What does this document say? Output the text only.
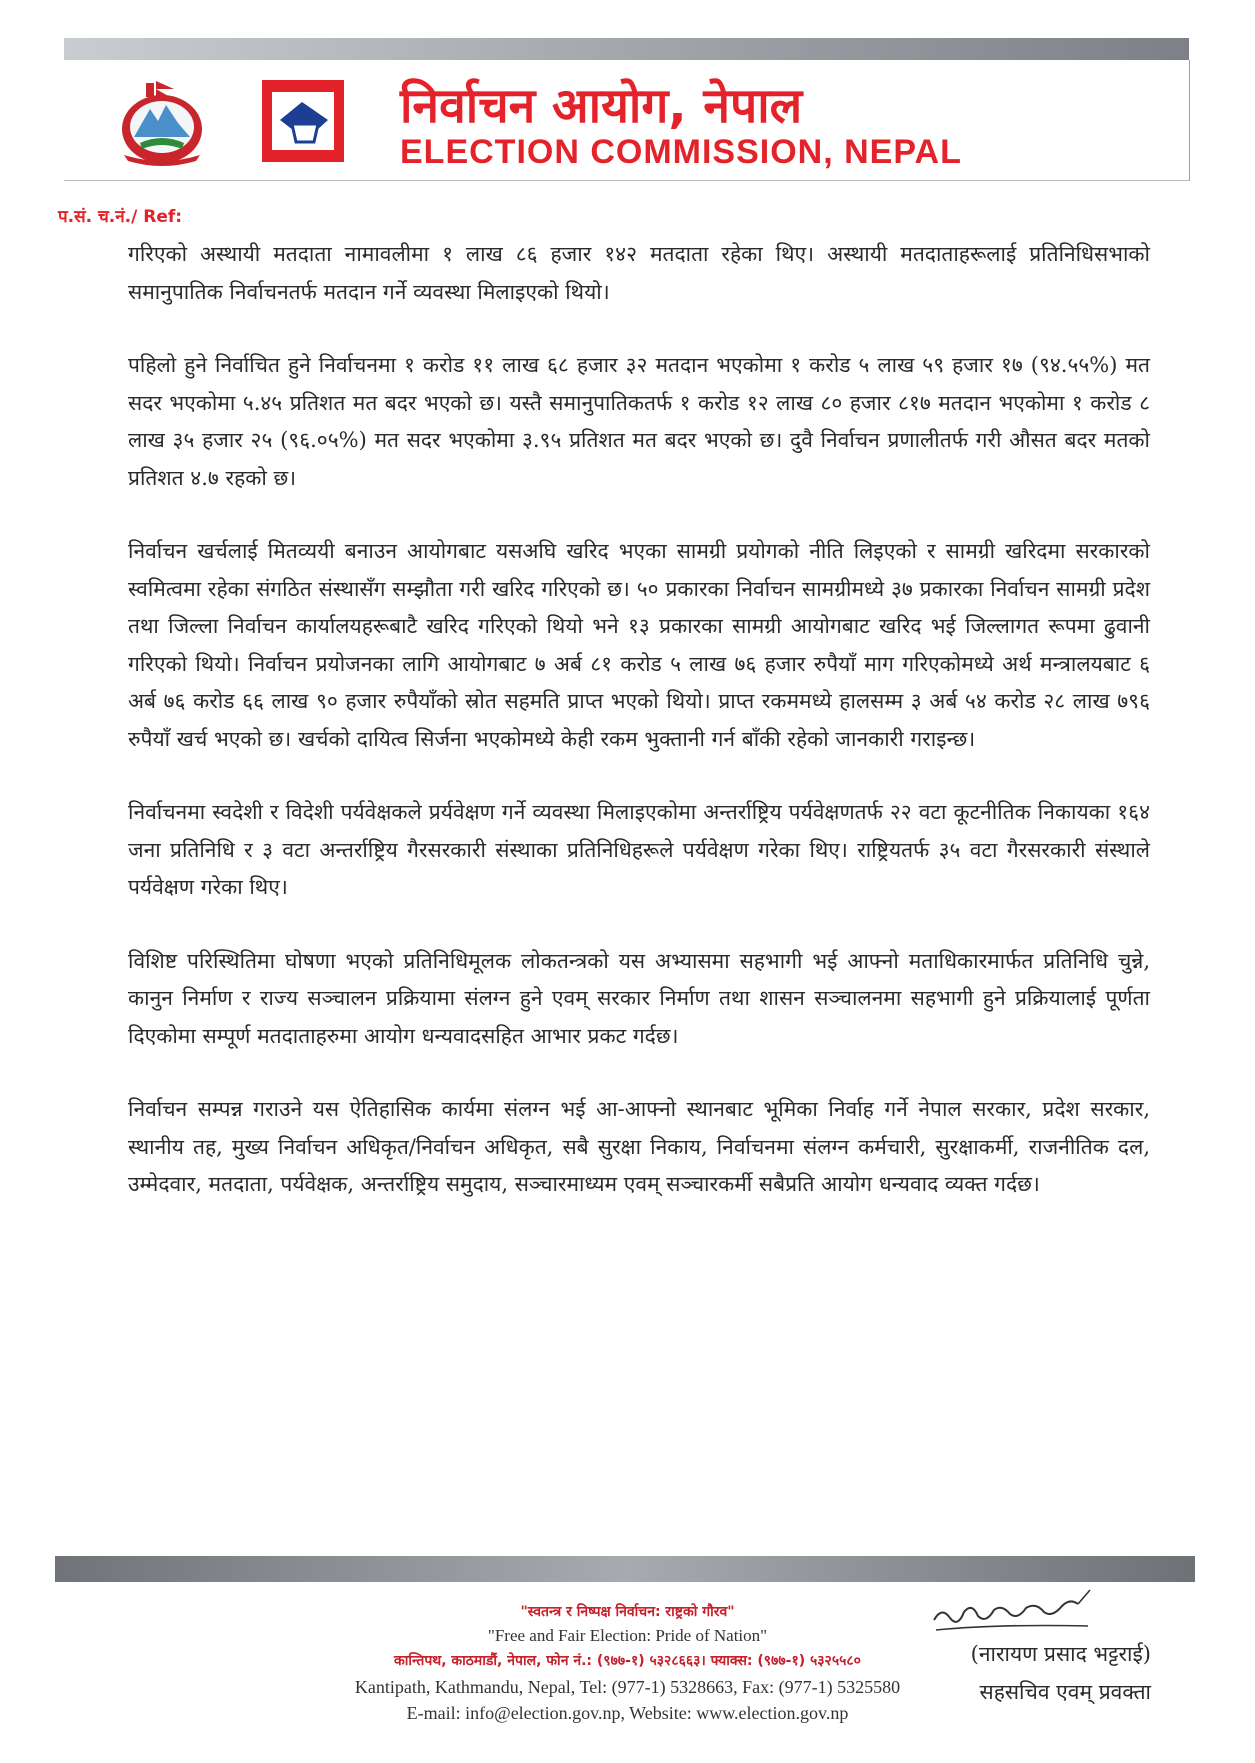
निर्वाचन आयोग, नेपाल
ELECTION COMMISSION, NEPAL
प.सं. च.नं./ Ref:

गरिएको अस्थायी मतदाता नामावलीमा १ लाख ८६ हजार १४२ मतदाता रहेका थिए। अस्थायी मतदाताहरूलाई प्रतिनिधिसभाको समानुपातिक निर्वाचनतर्फ मतदान गर्ने व्यवस्था मिलाइएको थियो।

पहिलो हुने निर्वाचित हुने निर्वाचनमा १ करोड ११ लाख ६८ हजार ३२ मतदान भएकोमा १ करोड ५ लाख ५९ हजार १७ (९४.५५%) मत सदर भएकोमा ५.४५ प्रतिशत मत बदर भएको छ। यस्तै समानुपातिकतर्फ १ करोड १२ लाख ८० हजार ८१७ मतदान भएकोमा १ करोड ८ लाख ३५ हजार २५ (९६.०५%) मत सदर भएकोमा ३.९५ प्रतिशत मत बदर भएको छ। दुवै निर्वाचन प्रणालीतर्फ गरी औसत बदर मतको प्रतिशत ४.७ रहको छ।

निर्वाचन खर्चलाई मितव्ययी बनाउन आयोगबाट यसअघि खरिद भएका सामग्री प्रयोगको नीति लिइएको र सामग्री खरिदमा सरकारको स्वमित्वमा रहेका संगठित संस्थासँग सम्झौता गरी खरिद गरिएको छ। ५० प्रकारका निर्वाचन सामग्रीमध्ये ३७ प्रकारका निर्वाचन सामग्री प्रदेश तथा जिल्ला निर्वाचन कार्यालयहरूबाटै खरिद गरिएको थियो भने १३ प्रकारका सामग्री आयोगबाट खरिद भई जिल्लागत रूपमा ढुवानी गरिएको थियो। निर्वाचन प्रयोजनका लागि आयोगबाट ७ अर्ब ८१ करोड ५ लाख ७६ हजार रुपैयाँ माग गरिएकोमध्ये अर्थ मन्त्रालयबाट ६ अर्ब ७६ करोड ६६ लाख ९० हजार रुपैयाँको स्रोत सहमति प्राप्त भएको थियो। प्राप्त रकममध्ये हालसम्म ३ अर्ब ५४ करोड २८ लाख ७९६ रुपैयाँ खर्च भएको छ। खर्चको दायित्व सिर्जना भएकोमध्ये केही रकम भुक्तानी गर्न बाँकी रहेको जानकारी गराइन्छ।

निर्वाचनमा स्वदेशी र विदेशी पर्यवेक्षकले प्रर्यवेक्षण गर्ने व्यवस्था मिलाइएकोमा अन्तर्राष्ट्रिय पर्यवेक्षणतर्फ २२ वटा कूटनीतिक निकायका १६४ जना प्रतिनिधि र ३ वटा अन्तर्राष्ट्रिय गैरसरकारी संस्थाका प्रतिनिधिहरूले पर्यवेक्षण गरेका थिए। राष्ट्रियतर्फ ३५ वटा गैरसरकारी संस्थाले पर्यवेक्षण गरेका थिए।

विशिष्ट परिस्थितिमा घोषणा भएको प्रतिनिधिमूलक लोकतन्त्रको यस अभ्यासमा सहभागी भई आफ्नो मताधिकारमार्फत प्रतिनिधि चुन्ने, कानुन निर्माण र राज्य सञ्चालन प्रक्रियामा संलग्न हुने एवम् सरकार निर्माण तथा शासन सञ्चालनमा सहभागी हुने प्रक्रियालाई पूर्णता दिएकोमा सम्पूर्ण मतदाताहरुमा आयोग धन्यवादसहित आभार प्रकट गर्दछ।

निर्वाचन सम्पन्न गराउने यस ऐतिहासिक कार्यमा संलग्न भई आ-आफ्नो स्थानबाट भूमिका निर्वाह गर्ने नेपाल सरकार, प्रदेश सरकार, स्थानीय तह, मुख्य निर्वाचन अधिकृत/निर्वाचन अधिकृत, सबै सुरक्षा निकाय, निर्वाचनमा संलग्न कर्मचारी, सुरक्षाकर्मी, राजनीतिक दल, उम्मेदवार, मतदाता, पर्यवेक्षक, अन्तर्राष्ट्रिय समुदाय, सञ्चारमाध्यम एवम् सञ्चारकर्मी सबैप्रति आयोग धन्यवाद व्यक्त गर्दछ।

(नारायण प्रसाद भट्टराई)
सहसचिव एवम् प्रवक्ता
"स्वतन्त्र र निष्पक्ष निर्वाचन: राष्ट्रको गौरव"
"Free and Fair Election: Pride of Nation"
कान्तिपथ, काठमाडौं, नेपाल, फोन नं.: (९७७-१) ५३२८६६३। फ्याक्स: (९७७-१) ५३२५५८०
Kantipath, Kathmandu, Nepal, Tel: (977-1) 5328663, Fax: (977-1) 5325580
E-mail: info@election.gov.np, Website: www.election.gov.np
